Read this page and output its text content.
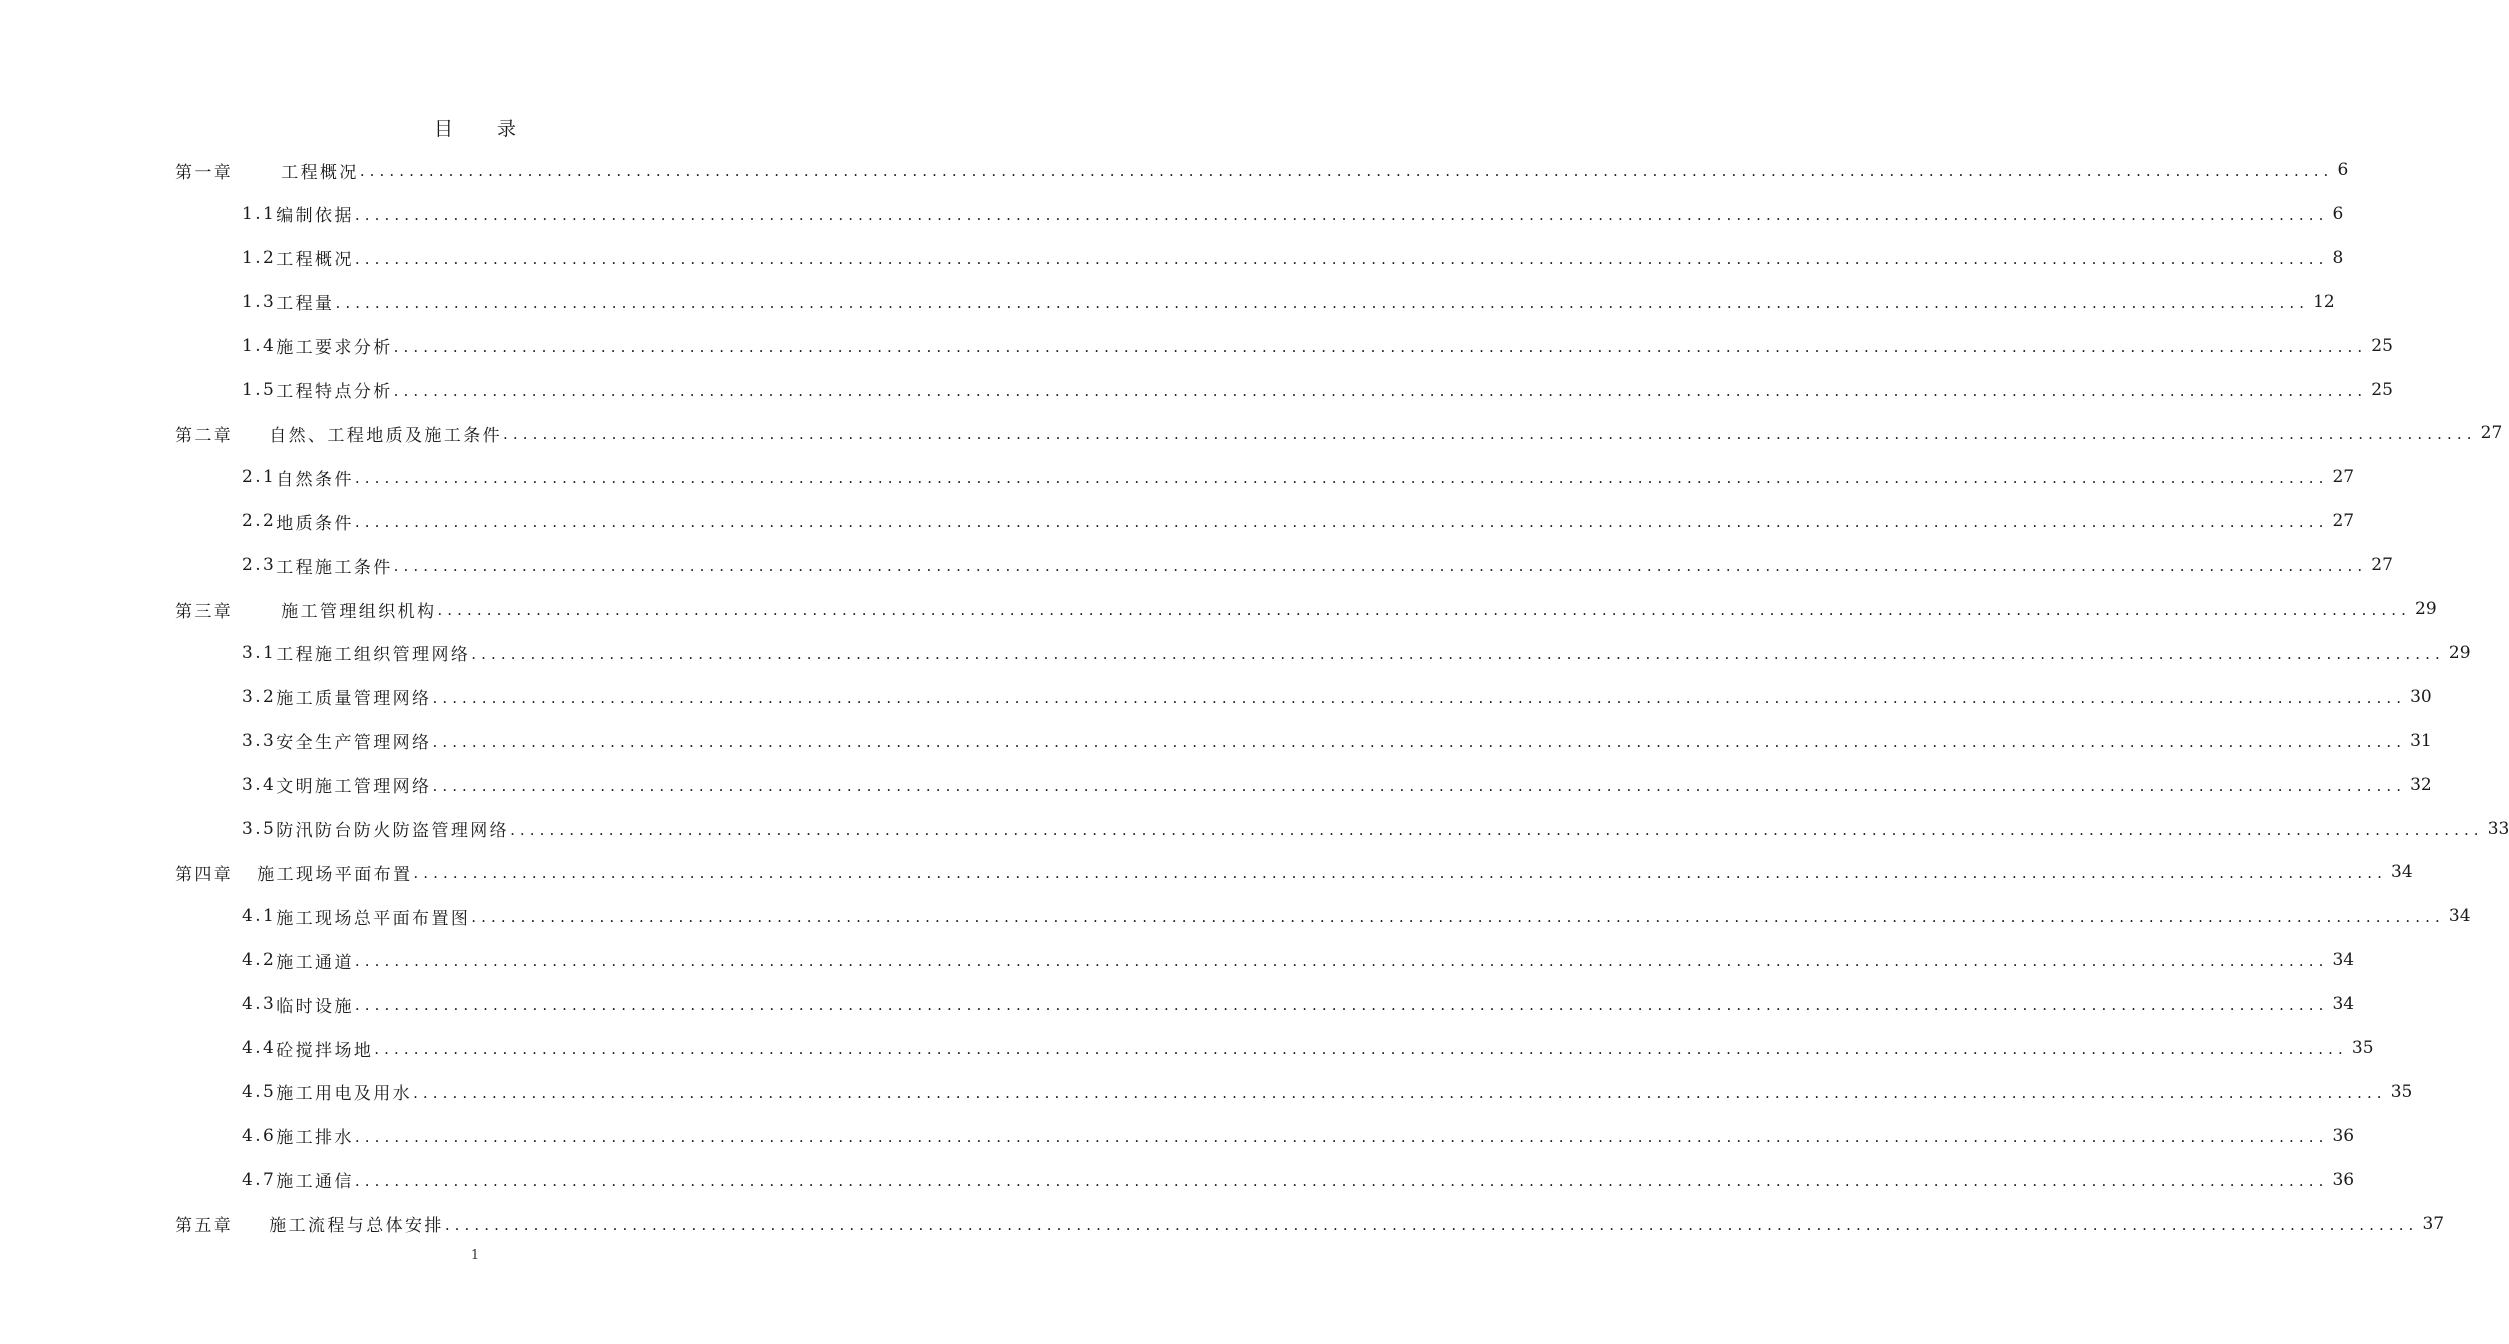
目 录
第一章	工程概况 ........................................................................................................................................................................................................ 6
1.1 编制依据 ........................................................................................................................................................................................................ 6
1.2 工程概况 ........................................................................................................................................................................................................ 8
1.3 工程量 ........................................................................................................................................................................................................ 12
1.4 施工要求分析 ........................................................................................................................................................................................................ 25
1.5 工程特点分析 ........................................................................................................................................................................................................ 25
第二章 自然、工程地质及施工条件 ........................................................................................................................................................................................................ 27
2.1 自然条件 ........................................................................................................................................................................................................ 27
2.2 地质条件 ........................................................................................................................................................................................................ 27
2.3 工程施工条件 ........................................................................................................................................................................................................ 27
第三章	施工管理组织机构 ........................................................................................................................................................................................................ 29
3.1 工程施工组织管理网络 ........................................................................................................................................................................................................ 29
3.2 施工质量管理网络 ........................................................................................................................................................................................................ 30
3.3 安全生产管理网络 ........................................................................................................................................................................................................ 31
3.4 文明施工管理网络 ........................................................................................................................................................................................................ 32
3.5 防汛防台防火防盗管理网络 ........................................................................................................................................................................................................ 33
第四章 施工现场平面布置 ........................................................................................................................................................................................................ 34
4.1 施工现场总平面布置图 ........................................................................................................................................................................................................ 34
4.2 施工通道 ........................................................................................................................................................................................................ 34
4.3 临时设施 ........................................................................................................................................................................................................ 34
4.4 砼搅拌场地 ........................................................................................................................................................................................................ 35
4.5 施工用电及用水 ........................................................................................................................................................................................................ 35
4.6 施工排水 ........................................................................................................................................................................................................ 36
4.7 施工通信 ........................................................................................................................................................................................................ 36
第五章 施工流程与总体安排 ........................................................................................................................................................................................................ 37
1
